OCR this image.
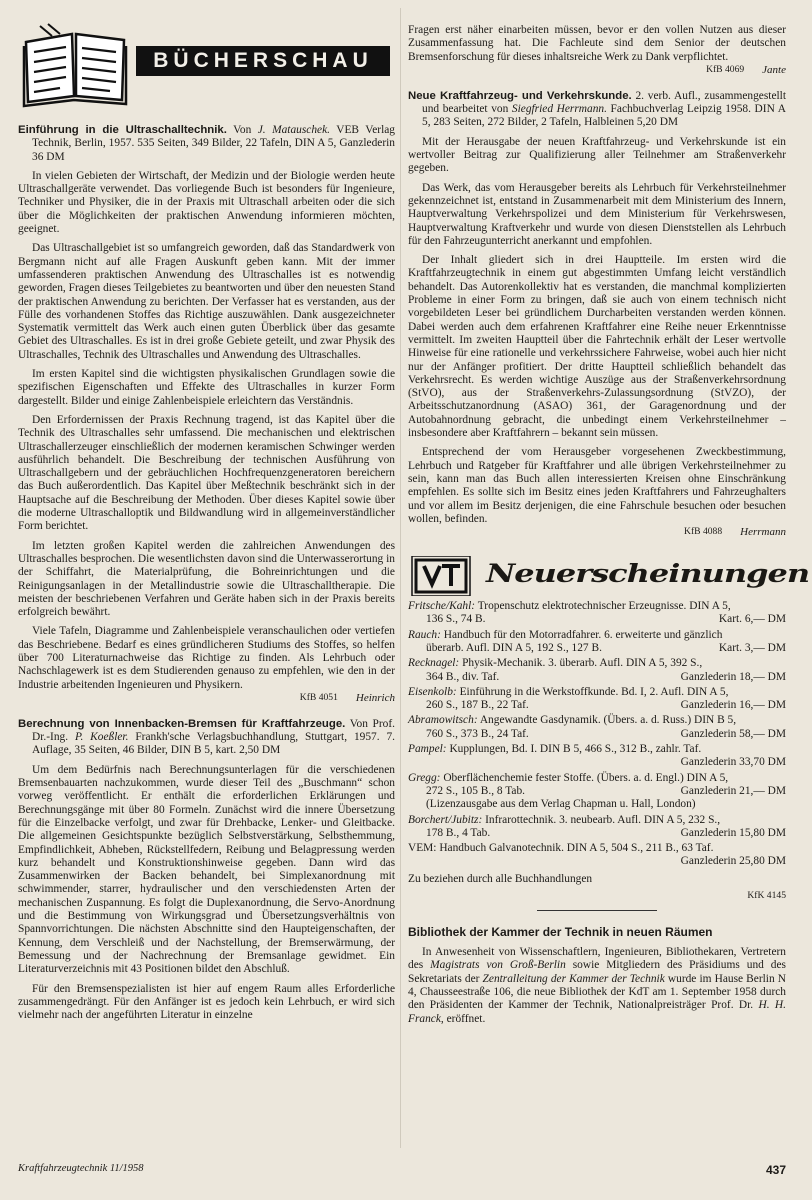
BÜCHERSCHAU

Einführung in die Ultraschalltechnik. Von J. Matauschek. VEB Verlag Technik, Berlin, 1957. 535 Seiten, 349 Bilder, 22 Tafeln, DIN A 5, Ganzlederin 36 DM

In vielen Gebieten der Wirtschaft, der Medizin und der Biologie werden heute Ultraschallgeräte verwendet. Das vorliegende Buch ist besonders für Ingenieure, Techniker und Physiker, die in der Praxis mit Ultraschall arbeiten oder die sich über die Möglichkeiten der praktischen Anwendung informieren möchten, geeignet.

Das Ultraschallgebiet ist so umfangreich geworden, daß das Standardwerk von Bergmann nicht auf alle Fragen Auskunft geben kann. Mit der immer umfassenderen praktischen Anwendung des Ultraschalles ist es notwendig geworden, Fragen dieses Teilgebietes zu beantworten und über den neuesten Stand der praktischen Anwendung zu berichten. Der Verfasser hat es verstanden, aus der Fülle des vorhandenen Stoffes das Richtige auszuwählen. Dank ausgezeichneter Systematik vermittelt das Werk auch einen guten Überblick über das gesamte Gebiet des Ultraschalles. Es ist in drei große Gebiete geteilt, und zwar Physik des Ultraschalles, Technik des Ultraschalles und Anwendung des Ultraschalles.

Im ersten Kapitel sind die wichtigsten physikalischen Grundlagen sowie die spezifischen Eigenschaften und Effekte des Ultraschalles in kurzer Form dargestellt. Bilder und einige Zahlenbeispiele erleichtern das Verständnis.

Den Erfordernissen der Praxis Rechnung tragend, ist das Kapitel über die Technik des Ultraschalles sehr umfassend. Die mechanischen und elektrischen Ultraschallerzeuger einschließlich der modernen keramischen Schwinger werden ausführlich behandelt. Die Beschreibung der technischen Ausführung von Ultraschallgebern und der gebräuchlichen Hochfrequenzgeneratoren bereichern das Buch außerordentlich. Das Kapitel über Meßtechnik beschränkt sich in der Hauptsache auf die Beschreibung der Methoden. Über dieses Kapitel sowie über die moderne Ultraschalloptik und Bildwandlung wird in allgemeinverständlicher Form berichtet.

Im letzten großen Kapitel werden die zahlreichen Anwendungen des Ultraschalles besprochen. Die wesentlichsten davon sind die Unterwasserortung in der Schiffahrt, die Materialprüfung, die Bohreinrichtungen und die Reinigungsanlagen in der Metallindustrie sowie die Ultraschalltherapie. Die meisten der beschriebenen Verfahren und Geräte haben sich in der Praxis bereits erfolgreich bewährt.

Viele Tafeln, Diagramme und Zahlenbeispiele veranschaulichen oder vertiefen das Beschriebene. Bedarf es eines gründlicheren Studiums des Stoffes, so helfen über 700 Literaturnachweise das Richtige zu finden. Als Lehrbuch oder Nachschlagewerk ist es dem Studierenden genauso zu empfehlen, wie den in der Industrie arbeitenden Ingenieuren und Physikern.

KfB 4051 Heinrich

Berechnung von Innenbacken-Bremsen für Kraftfahrzeuge. Von Prof. Dr.-Ing. P. Koeßler. Frankh'sche Verlagsbuchhandlung, Stuttgart, 1957. 7. Auflage, 35 Seiten, 46 Bilder, DIN B 5, kart. 2,50 DM

Um dem Bedürfnis nach Berechnungsunterlagen für die verschiedenen Bremsenbauarten nachzukommen, wurde dieser Teil des „Buschmann“ schon vorweg veröffentlicht. Er enthält die erforderlichen Erklärungen und Berechnungsgänge mit über 80 Formeln. Zunächst wird die innere Übersetzung für die Einzelbacke verfolgt, und zwar für Drehbacke, Lenker- und Gleitbacke. Die allgemeinen Gesichtspunkte bezüglich Selbstverstärkung, Selbsthemmung, Empfindlichkeit, Abheben, Rückstellfedern, Reibung und Belagpressung werden kurz behandelt und Konstruktionshinweise gegeben. Dann wird das Zusammenwirken der Backen behandelt, bei Simplexanordnung mit schwimmender, starrer, hydraulischer und den verschiedensten Arten der mechanischen Zuspannung. Es folgt die Duplexanordnung, die Servo-Anordnung und die Bestimmung von Wirkungsgrad und Übersetzungsverhältnis von Spannvorrichtungen. Die nächsten Abschnitte sind den Haupteigenschaften, der Kennung, dem Verschleiß und der Nachstellung, der Bremserwärmung, der Bemessung und der Nachrechnung der Bremsanlage gewidmet. Ein Literaturverzeichnis mit 43 Positionen bildet den Abschluß.

Für den Bremsenspezialisten ist hier auf engem Raum alles Erforderliche zusammengedrängt. Für den Anfänger ist es jedoch kein Lehrbuch, er wird sich vielmehr nach der angeführten Literatur in einzelne

Fragen erst näher einarbeiten müssen, bevor er den vollen Nutzen aus dieser Zusammenfassung hat. Die Fachleute sind dem Senior der deutschen Bremsenforschung für dieses inhaltsreiche Werk zu Dank verpflichtet.

KfB 4069 Jante

Neue Kraftfahrzeug- und Verkehrskunde. 2. verb. Aufl., zusammengestellt und bearbeitet von Siegfried Herrmann. Fachbuchverlag Leipzig 1958. DIN A 5, 283 Seiten, 272 Bilder, 2 Tafeln, Halbleinen 5,20 DM

Mit der Herausgabe der neuen Kraftfahrzeug- und Verkehrskunde ist ein wertvoller Beitrag zur Qualifizierung aller Teilnehmer am Straßenverkehr gegeben.

Das Werk, das vom Herausgeber bereits als Lehrbuch für Verkehrsteilnehmer gekennzeichnet ist, entstand in Zusammenarbeit mit dem Ministerium des Innern, Hauptverwaltung Verkehrspolizei und dem Ministerium für Verkehrswesen, Hauptverwaltung Kraftverkehr und wurde von diesen Dienststellen als Lehrbuch für den Fahrzeugunterricht anerkannt und empfohlen.

Der Inhalt gliedert sich in drei Hauptteile. Im ersten wird die Kraftfahrzeugtechnik in einem gut abgestimmten Umfang leicht verständlich behandelt. Das Autorenkollektiv hat es verstanden, die manchmal komplizierten Probleme in einer Form zu bringen, daß sie auch von einem technisch nicht vorgebildeten Leser bei gründlichem Durcharbeiten verstanden werden können. Dabei werden auch dem erfahrenen Kraftfahrer eine Reihe neuer Erkenntnisse vermittelt. Im zweiten Hauptteil über die Fahrtechnik erhält der Leser wertvolle Hinweise für eine rationelle und verkehrssichere Fahrweise, wobei auch hier nicht nur der Anfänger profitiert. Der dritte Hauptteil schließlich behandelt das Verkehrsrecht. Es werden wichtige Auszüge aus der Straßenverkehrsordnung (StVO), aus der Straßenverkehrs-Zulassungsordnung (StVZO), der Arbeitsschutzanordnung (ASAO) 361, der Garagenordnung und der Autobahnordnung gebracht, die unbedingt einem Verkehrsteilnehmer – insbesondere aber Kraftfahrern – bekannt sein müssen.

Entsprechend der vom Herausgeber vorgesehenen Zweckbestimmung, Lehrbuch und Ratgeber für Kraftfahrer und alle übrigen Verkehrsteilnehmer zu sein, kann man das Buch allen interessierten Kreisen ohne Einschränkung empfehlen. Es sollte sich im Besitz eines jeden Kraftfahrers und Fahrzeughalters und vor allem im Besitz derjenigen, die eine Fahrschule besuchen oder besuchen wollen, befinden.

KfB 4088 Herrmann
Neuerscheinungen

Fritsche/Kahl: Tropenschutz elektrotechnischer Erzeugnisse. DIN A 5,

136 S., 74 B.	Kart. 6,— DM

Rauch: Handbuch für den Motorradfahrer. 6. erweiterte und gänzlich

überarb. Aufl. DIN A 5, 192 S., 127 B.	Kart. 3,— DM

Recknagel: Physik-Mechanik. 3. überarb. Aufl. DIN A 5, 392 S.,

364 B., div. Taf.	Ganzlederin 18,— DM

Eisenkolb: Einführung in die Werkstoffkunde. Bd. I, 2. Aufl. DIN A 5,

260 S., 187 B., 22 Taf.	Ganzlederin 16,— DM

Abramowitsch: Angewandte Gasdynamik. (Übers. a. d. Russ.) DIN B 5,

760 S., 373 B., 24 Taf.	Ganzlederin 58,— DM

Pampel: Kupplungen, Bd. I. DIN B 5, 466 S., 312 B., zahlr. Taf.

Ganzlederin 33,70 DM

Gregg: Oberflächenchemie fester Stoffe. (Übers. a. d. Engl.) DIN A 5,

272 S., 105 B., 8 Tab.	Ganzlederin 21,— DM

(Lizenzausgabe aus dem Verlag Chapman u. Hall, London)

Borchert/Jubitz: Infrarottechnik. 3. neubearb. Aufl. DIN A 5, 232 S.,

178 B., 4 Tab.	Ganzlederin 15,80 DM

VEM: Handbuch Galvanotechnik. DIN A 5, 504 S., 211 B., 63 Taf.

Ganzlederin 25,80 DM

Zu beziehen durch alle Buchhandlungen

KfK 4145

Bibliothek der Kammer der Technik in neuen Räumen

In Anwesenheit von Wissenschaftlern, Ingenieuren, Bibliothekaren, Vertretern des Magistrats von Groß-Berlin sowie Mitgliedern des Präsidiums und des Sekretariats der Zentralleitung der Kammer der Technik wurde im Hause Berlin N 4, Chausseestraße 106, die neue Bibliothek der KdT am 1. September 1958 durch den Präsidenten der Kammer der Technik, Nationalpreisträger Prof. Dr. H. H. Franck, eröffnet.

Kraftfahrzeugtechnik 11/1958	437
